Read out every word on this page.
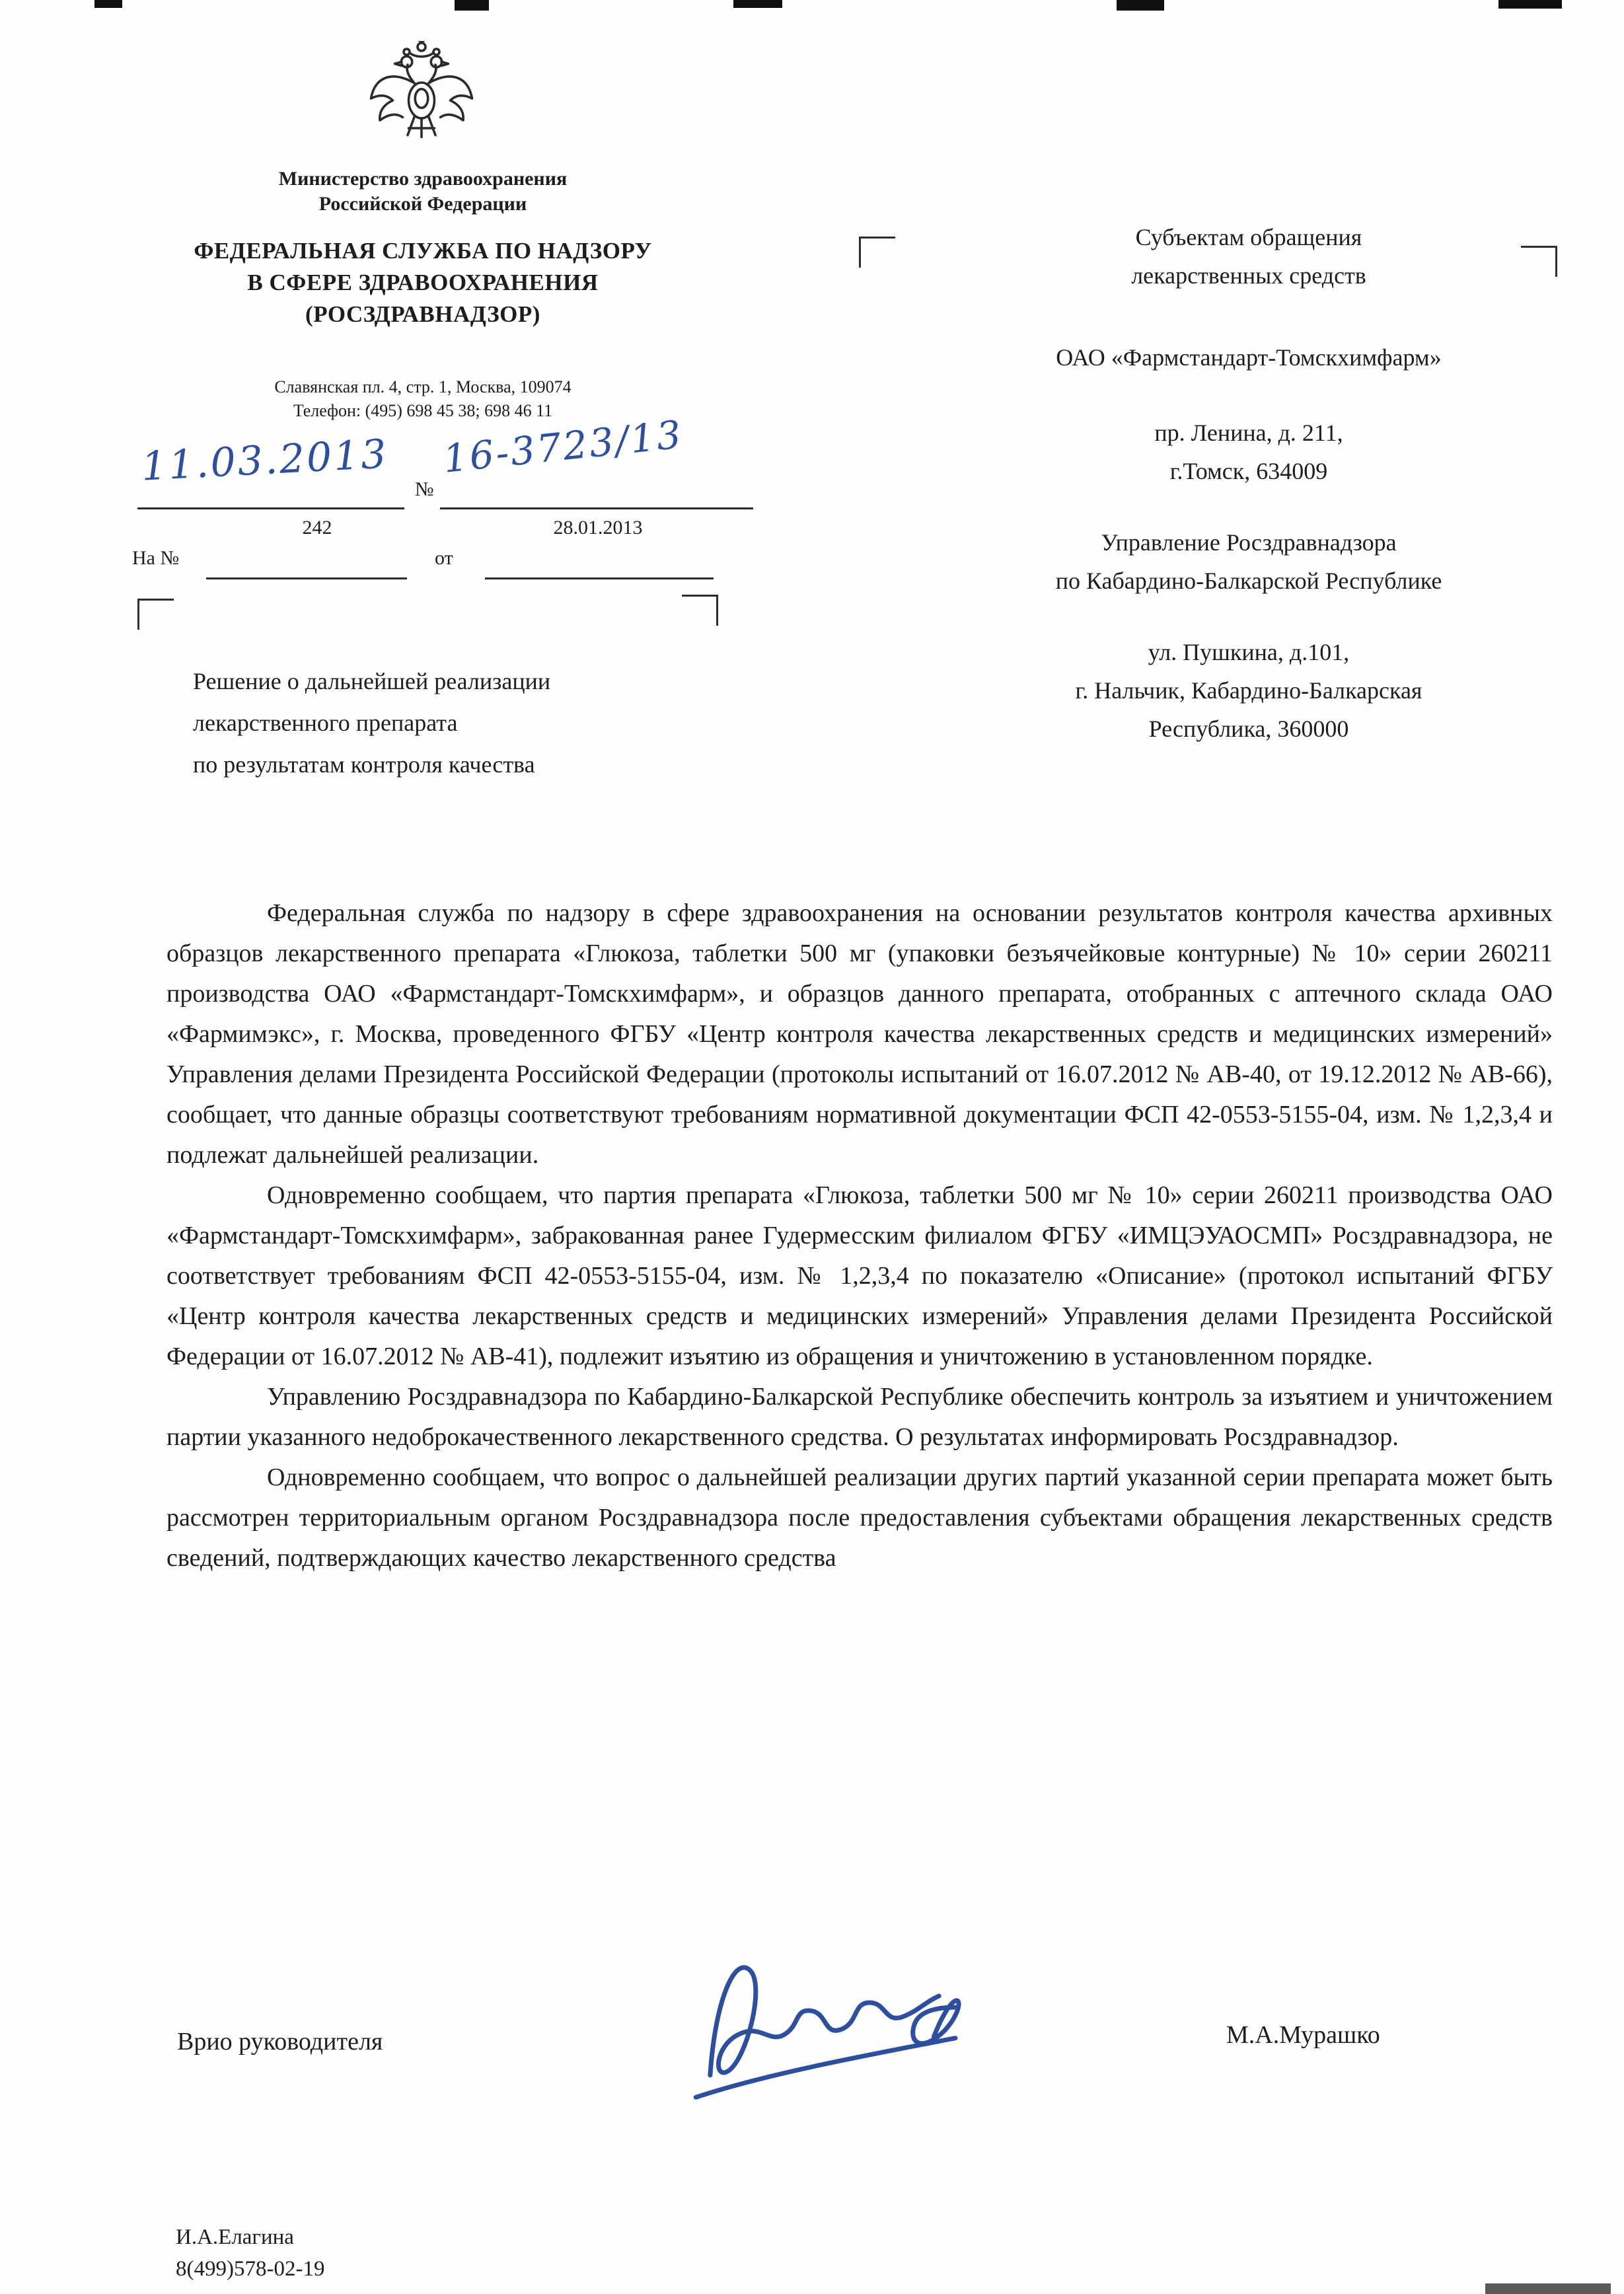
Министерство здравоохранения
Российской Федерации
ФЕДЕРАЛЬНАЯ СЛУЖБА ПО НАДЗОРУ
В СФЕРЕ ЗДРАВООХРАНЕНИЯ
(РОСЗДРАВНАДЗОР)
Славянская пл. 4, стр. 1, Москва, 109074
Телефон: (495) 698 45 38; 698 46 11
11.03.2013 №
16-3723/13
242	28.01.2013
На №	от
Субъектам обращения
лекарственных средств
ОАО «Фармстандарт-Томскхимфарм»
пр. Ленина, д. 211,
г.Томск, 634009
Управление Росздравнадзора
по Кабардино-Балкарской Республике
ул. Пушкина, д.101,
г. Нальчик, Кабардино-Балкарская
Республика, 360000
Решение о дальнейшей реализации
лекарственного препарата
по результатам контроля качества

Федеральная служба по надзору в сфере здравоохранения на основании результатов контроля качества архивных образцов лекарственного препарата «Глюкоза, таблетки 500 мг (упаковки безъячейковые контурные) № 10» серии 260211 производства ОАО «Фармстандарт-Томскхимфарм», и образцов данного препарата, отобранных с аптечного склада ОАО «Фармимэкс», г. Москва, проведенного ФГБУ «Центр контроля качества лекарственных средств и медицинских измерений» Управления делами Президента Российской Федерации (протоколы испытаний от 16.07.2012 № АВ-40, от 19.12.2012 № АВ-66), сообщает, что данные образцы соответствуют требованиям нормативной документации ФСП 42-0553-5155-04, изм. № 1,2,3,4 и подлежат дальнейшей реализации.

Одновременно сообщаем, что партия препарата «Глюкоза, таблетки 500 мг № 10» серии 260211 производства ОАО «Фармстандарт-Томскхимфарм», забракованная ранее Гудермесским филиалом ФГБУ «ИМЦЭУАОСМП» Росздравнадзора, не соответствует требованиям ФСП 42-0553-5155-04, изм. № 1,2,3,4 по показателю «Описание» (протокол испытаний ФГБУ «Центр контроля качества лекарственных средств и медицинских измерений» Управления делами Президента Российской Федерации от 16.07.2012 № АВ-41), подлежит изъятию из обращения и уничтожению в установленном порядке.

Управлению Росздравнадзора по Кабардино-Балкарской Республике обеспечить контроль за изъятием и уничтожением партии указанного недоброкачественного лекарственного средства. О результатах информировать Росздравнадзор.

Одновременно сообщаем, что вопрос о дальнейшей реализации других партий указанной серии препарата может быть рассмотрен территориальным органом Росздравнадзора после предоставления субъектами обращения лекарственных средств сведений, подтверждающих качество лекарственного средства

Врио руководителя	М.А.Мурашко
И.А.Елагина
8(499)578-02-19
